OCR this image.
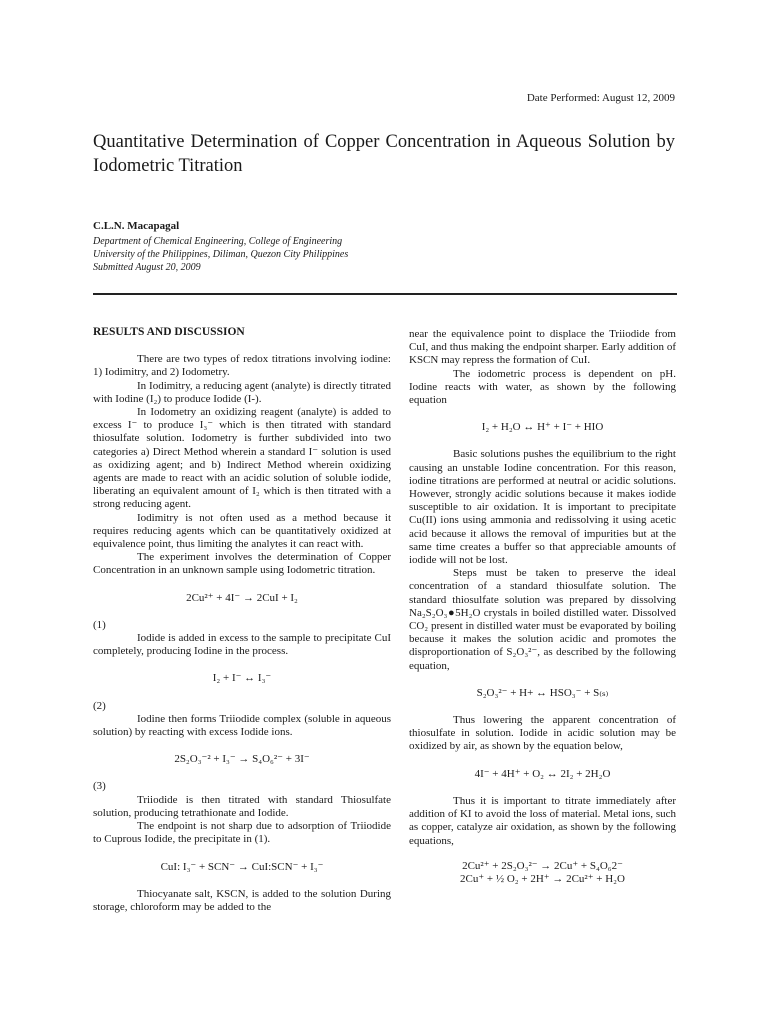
Date Performed: August 12, 2009
Quantitative Determination of Copper Concentration in Aqueous Solution by Iodometric Titration
C.L.N. Macapagal
Department of Chemical Engineering, College of Engineering
University of the Philippines, Diliman, Quezon City Philippines
Submitted August 20, 2009
RESULTS AND DISCUSSION

There are two types of redox titrations involving iodine: 1) Iodimitry, and 2) Iodometry.

In Iodimitry, a reducing agent (analyte) is directly titrated with Iodine (I₂) to produce Iodide (I-).

In Iodometry an oxidizing reagent (analyte) is added to excess I⁻ to produce I₃⁻ which is then titrated with standard thiosulfate solution. Iodometry is further subdivided into two categories a) Direct Method wherein a standard I⁻ solution is used as oxidizing agent; and b) Indirect Method wherein oxidizing agents are made to react with an acidic solution of soluble iodide, liberating an equivalent amount of I₂ which is then titrated with a strong reducing agent.

Iodimitry is not often used as a method because it requires reducing agents which can be quantitatively oxidized at equivalence point, thus limiting the analytes it can react with.

The experiment involves the determination of Copper Concentration in an unknown sample using Iodometric titration.

2Cu²⁺ + 4I⁻ → 2CuI + I₂
(1)

Iodide is added in excess to the sample to precipitate CuI completely, producing Iodine in the process.

I₂ + I⁻ ↔ I₃⁻
(2)

Iodine then forms Triiodide complex (soluble in aqueous solution) by reacting with excess Iodide ions.

2S₂O₃⁻² + I₃⁻ → S₄O₆²⁻ + 3I⁻
(3)

Triiodide is then titrated with standard Thiosulfate solution, producing tetrathionate and Iodide.

The endpoint is not sharp due to adsorption of Triiodide to Cuprous Iodide, the precipitate in (1).

CuI: I₃⁻ + SCN⁻ → CuI:SCN⁻ + I₃⁻

Thiocyanate salt, KSCN, is added to the solution During storage, chloroform may be added to the

near the equivalence point to displace the Triiodide from CuI, and thus making the endpoint sharper. Early addition of KSCN may repress the formation of CuI.

The iodometric process is dependent on pH. Iodine reacts with water, as shown by the following equation

I₂ + H₂O ↔ H⁺ + I⁻ + HIO

Basic solutions pushes the equilibrium to the right causing an unstable Iodine concentration. For this reason, iodine titrations are performed at neutral or acidic solutions. However, strongly acidic solutions because it makes iodide susceptible to air oxidation. It is important to precipitate Cu(II) ions using ammonia and redissolving it using acetic acid because it allows the removal of impurities but at the same time creates a buffer so that appreciable amounts of iodide will not be lost.

Steps must be taken to preserve the ideal concentration of a standard thiosulfate solution. The standard thiosulfate solution was prepared by dissolving Na₂S₂O₃●5H₂O crystals in boiled distilled water. Dissolved CO₂ present in distilled water must be evaporated by boiling because it makes the solution acidic and promotes the disproportionation of S₂O₃²⁻, as described by the following equation,

S₂O₃²⁻ + H+ ↔ HSO₃⁻ + S₍ₛ₎

Thus lowering the apparent concentration of thiosulfate in solution. Iodide in acidic solution may be oxidized by air, as shown by the equation below,

4I⁻ + 4H⁺ + O₂ ↔ 2I₂ + 2H₂O

Thus it is important to titrate immediately after addition of KI to avoid the loss of material. Metal ions, such as copper, catalyze air oxidation, as shown by the following equations,

2Cu²⁺ + 2S₂O₃²⁻ → 2Cu⁺ + S₄O₆2⁻
2Cu⁺ + ½ O₂ + 2H⁺ → 2Cu²⁺ + H₂O
